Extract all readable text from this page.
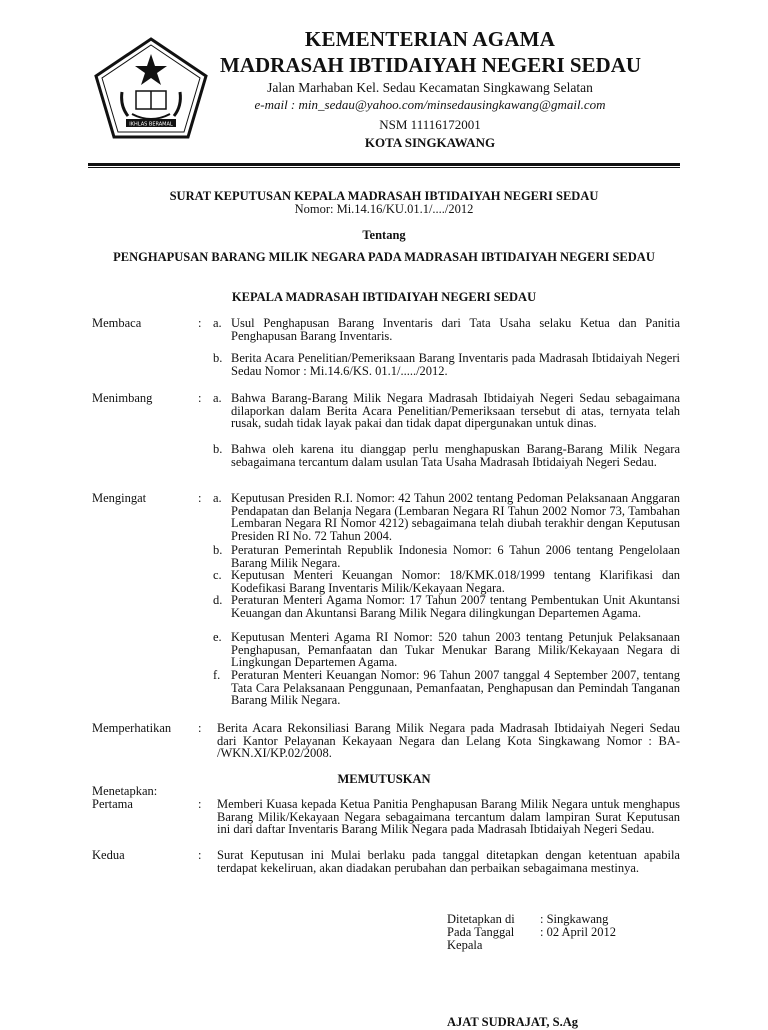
IKHLAS BERAMAL
KEMENTERIAN AGAMA
MADRASAH IBTIDAIYAH NEGERI SEDAU
Jalan Marhaban Kel. Sedau Kecamatan Singkawang Selatan
e-mail : min_sedau@yahoo.com/minsedausingkawang@gmail.com
NSM 11116172001
KOTA SINGKAWANG
SURAT KEPUTUSAN KEPALA MADRASAH IBTIDAIYAH NEGERI SEDAU
Nomor: Mi.14.16/KU.01.1/..../2012
Tentang
PENGHAPUSAN BARANG MILIK NEGARA PADA MADRASAH IBTIDAIYAH NEGERI SEDAU
KEPALA MADRASAH IBTIDAIYAH NEGERI SEDAU
Membaca	: a. Usul Penghapusan Barang Inventaris dari Tata Usaha selaku Ketua dan Panitia Penghapusan Barang Inventaris.
b. Berita Acara Penelitian/Pemeriksaan Barang Inventaris pada Madrasah Ibtidaiyah Negeri Sedau Nomor : Mi.14.6/KS. 01.1/...../2012.
Menimbang	: a. Bahwa Barang-Barang Milik Negara Madrasah Ibtidaiyah Negeri Sedau sebagaimana dilaporkan dalam Berita Acara Penelitian/Pemeriksaan tersebut di atas, ternyata telah rusak, sudah tidak layak pakai dan tidak dapat dipergunakan untuk dinas.
b. Bahwa oleh karena itu dianggap perlu menghapuskan Barang-Barang Milik Negara sebagaimana tercantum dalam usulan Tata Usaha Madrasah Ibtidaiyah Negeri Sedau.
Mengingat	: a. Keputusan Presiden R.I. Nomor: 42 Tahun 2002 tentang Pedoman Pelaksanaan Anggaran Pendapatan dan Belanja Negara (Lembaran Negara RI Tahun 2002 Nomor 73, Tambahan Lembaran Negara RI Nomor 4212) sebagaimana telah diubah terakhir dengan Keputusan Presiden RI No. 72 Tahun 2004.
b. Peraturan Pemerintah Republik Indonesia Nomor: 6 Tahun 2006 tentang Pengelolaan Barang Milik Negara.
c. Keputusan Menteri Keuangan Nomor: 18/KMK.018/1999 tentang Klarifikasi dan Kodefikasi Barang Inventaris Milik/Kekayaan Negara.
d. Peraturan Menteri Agama Nomor: 17 Tahun 2007 tentang Pembentukan Unit Akuntansi Keuangan dan Akuntansi Barang Milik Negara dilingkungan Departemen Agama.
e. Keputusan Menteri Agama RI Nomor: 520 tahun 2003 tentang Petunjuk Pelaksanaan Penghapusan, Pemanfaatan dan Tukar Menukar Barang Milik/Kekayaan Negara di Lingkungan Departemen Agama.
f. Peraturan Menteri Keuangan Nomor: 96 Tahun 2007 tanggal 4 September 2007, tentang Tata Cara Pelaksanaan Penggunaan, Pemanfaatan, Penghapusan dan Pemindah Tanganan Barang Milik Negara.
Memperhatikan : Berita Acara Rekonsiliasi Barang Milik Negara pada Madrasah Ibtidaiyah Negeri Sedau dari Kantor Pelayanan Kekayaan Negara dan Lelang Kota Singkawang Nomor : BA- /WKN.XI/KP.02/2008.
MEMUTUSKAN
Menetapkan:
Pertama	: Memberi Kuasa kepada Ketua Panitia Penghapusan Barang Milik Negara untuk menghapus Barang Milik/Kekayaan Negara sebagaimana tercantum dalam lampiran Surat Keputusan ini dari daftar Inventaris Barang Milik Negara pada Madrasah Ibtidaiyah Negeri Sedau.
Kedua	: Surat Keputusan ini Mulai berlaku pada tanggal ditetapkan dengan ketentuan apabila terdapat kekeliruan, akan diadakan perubahan dan perbaikan sebagaimana mestinya.
Ditetapkan di : Singkawang
Pada Tanggal : 02 April 2012
Kepala
AJAT SUDRAJAT, S.Ag
